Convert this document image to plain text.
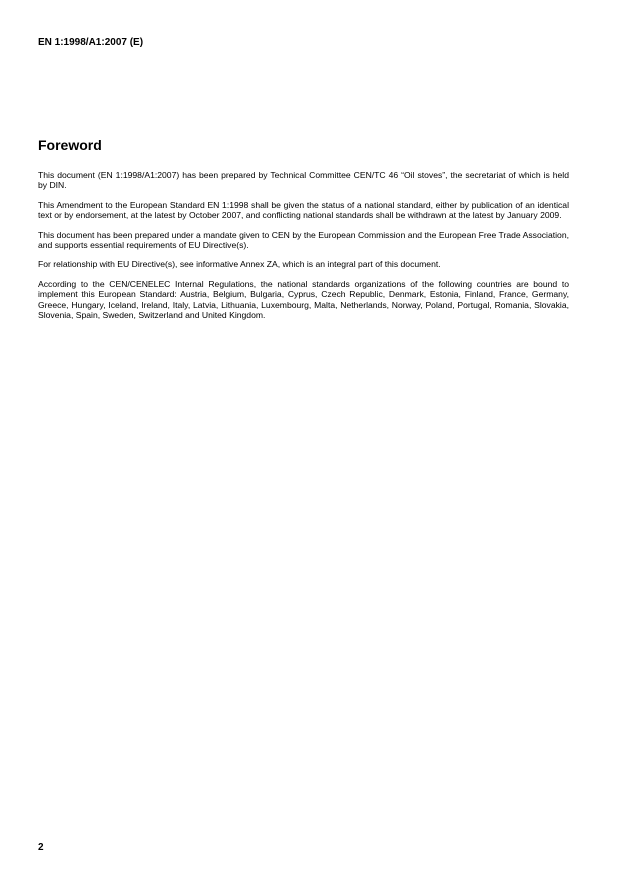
EN 1:1998/A1:2007 (E)
Foreword

This document (EN 1:1998/A1:2007) has been prepared by Technical Committee CEN/TC 46 “Oil stoves”, the secretariat of which is held by DIN.

This Amendment to the European Standard EN 1:1998 shall be given the status of a national standard, either by publication of an identical text or by endorsement, at the latest by October 2007, and conflicting national standards shall be withdrawn at the latest by January 2009.

This document has been prepared under a mandate given to CEN by the European Commission and the European Free Trade Association, and supports essential requirements of EU Directive(s).

For relationship with EU Directive(s), see informative Annex ZA, which is an integral part of this document.

According to the CEN/CENELEC Internal Regulations, the national standards organizations of the following countries are bound to implement this European Standard: Austria, Belgium, Bulgaria, Cyprus, Czech Republic, Denmark, Estonia, Finland, France, Germany, Greece, Hungary, Iceland, Ireland, Italy, Latvia, Lithuania, Luxembourg, Malta, Netherlands, Norway, Poland, Portugal, Romania, Slovakia, Slovenia, Spain, Sweden, Switzerland and United Kingdom.

2
